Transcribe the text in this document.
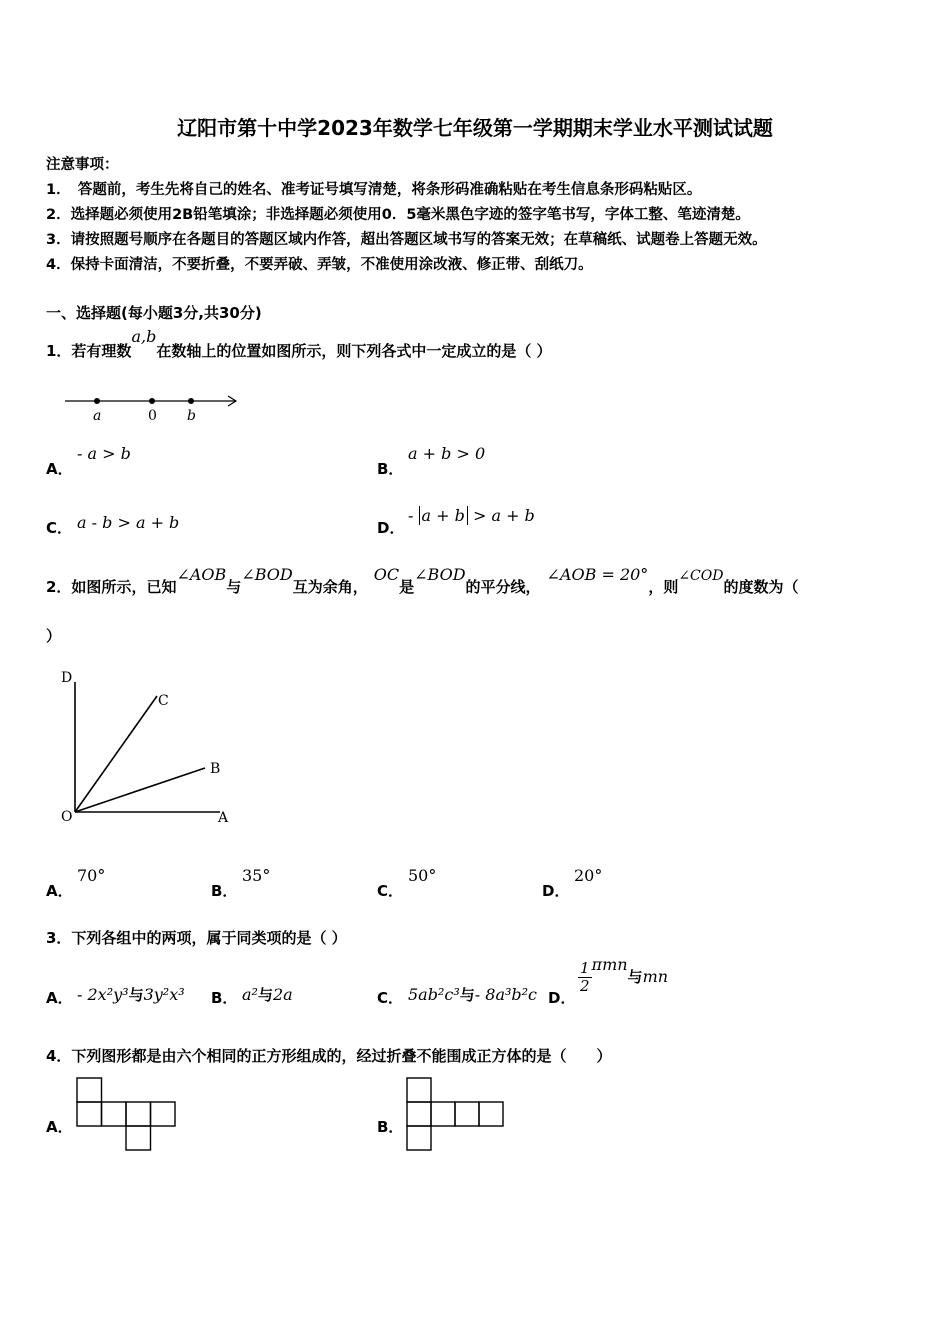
辽阳市第十中学2023年数学七年级第一学期期末学业水平测试试题
注意事项：
1．　答题前，考生先将自己的姓名、准考证号填写清楚，将条形码准确粘贴在考生信息条形码粘贴区。
2．选择题必须使用2B铅笔填涂；非选择题必须使用0．5毫米黑色字迹的签字笔书写，字体工整、笔迹清楚。
3．请按照题号顺序在各题目的答题区域内作答，超出答题区域书写的答案无效；在草稿纸、试题卷上答题无效。
4．保持卡面清洁，不要折叠，不要弄破、弄皱，不准使用涂改液、修正带、刮纸刀。
一、选择题(每小题3分,共30分)
1．若有理数a,b在数轴上的位置如图所示，则下列各式中一定成立的是（ ）
a	0 b
A．
- a > b
B．
a + b > 0
C． a - b > a + b	D．
- a + b > a + b
2．如图所示，已知∠AOB与∠BOD互为余角，OC是∠BOD的平分线，∠AOB = 20°，则∠COD的度数为（
）
D
C
B
O	A
A．
70°
B．
35°
C．
50°
D．
20°
3．下列各组中的两项，属于同类项的是（ ）
A． - 2x²y³与3y²x³ B． a²与2a	C． 5ab²c³与- 8a³b²c D．
$\frac{1}{2}$ πmn与mn
4．下列图形都是由六个相同的正方形组成的，经过折叠不能围成正方体的是（　　）
A．	B．
